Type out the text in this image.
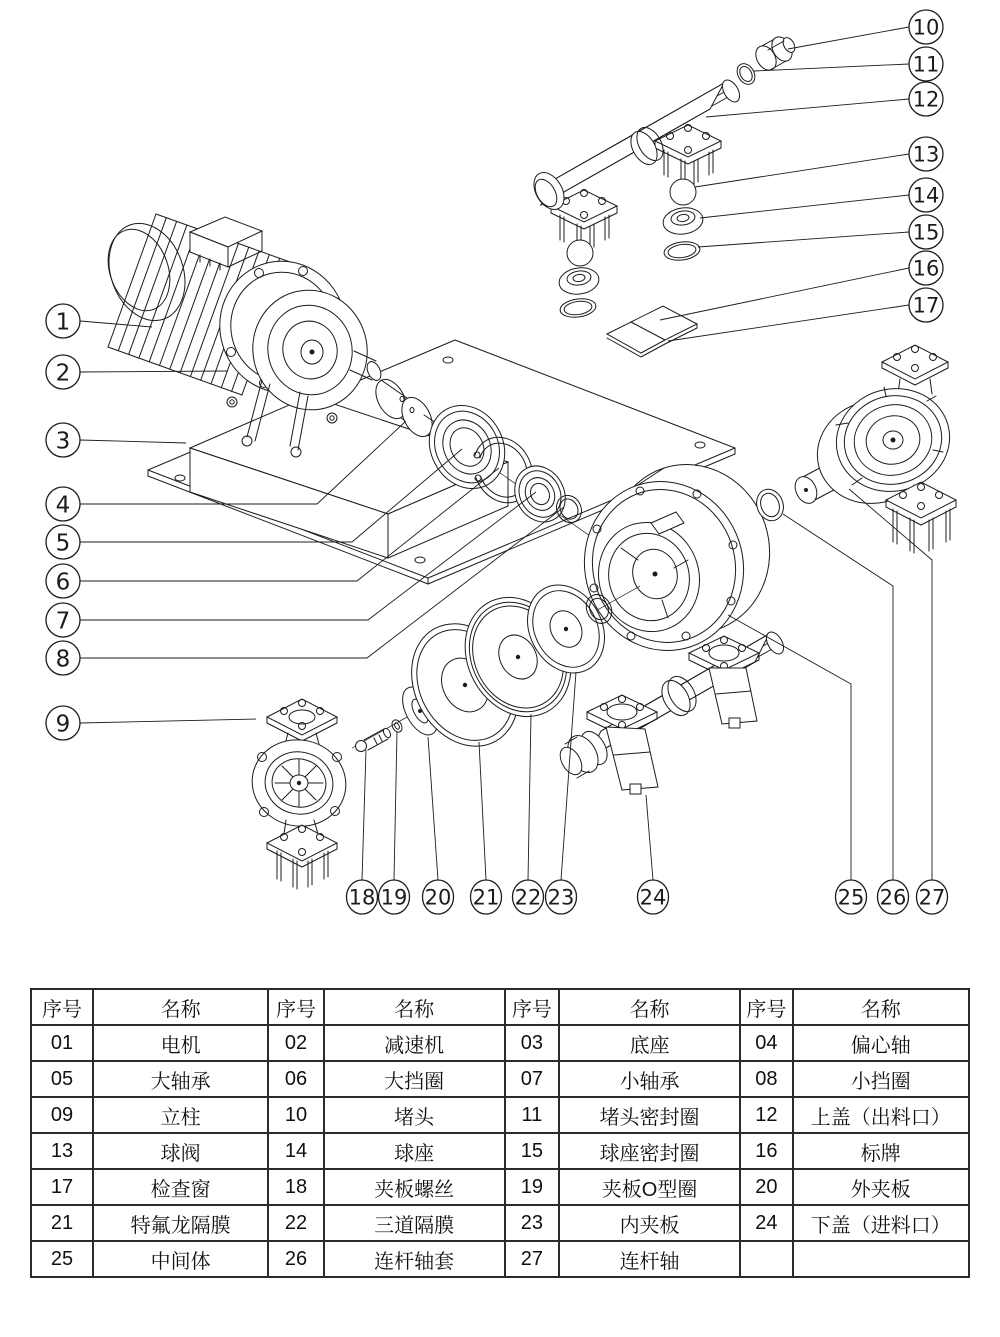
1
2
3
4
5
6
7
8
9
10
11
12
13
14
15
16
17
18 19 20 21 22 23	24	25 26 27
序号	名称	序号	名称	序号	名称	序号	名称
01	电机	02	减速机	03	底座	04	偏心轴
05	大轴承	06	大挡圈	07	小轴承	08	小挡圈
09	立柱	10	堵头	11	堵头密封圈	12	上盖（出料口）
13	球阀	14	球座	15	球座密封圈	16	标牌
17	检查窗	18	夹板螺丝	19	夹板O型圈	20	外夹板
21	特氟龙隔膜	22	三道隔膜	23	内夹板	24	下盖（进料口）
25	中间体	26	连杆轴套	27	连杆轴		
